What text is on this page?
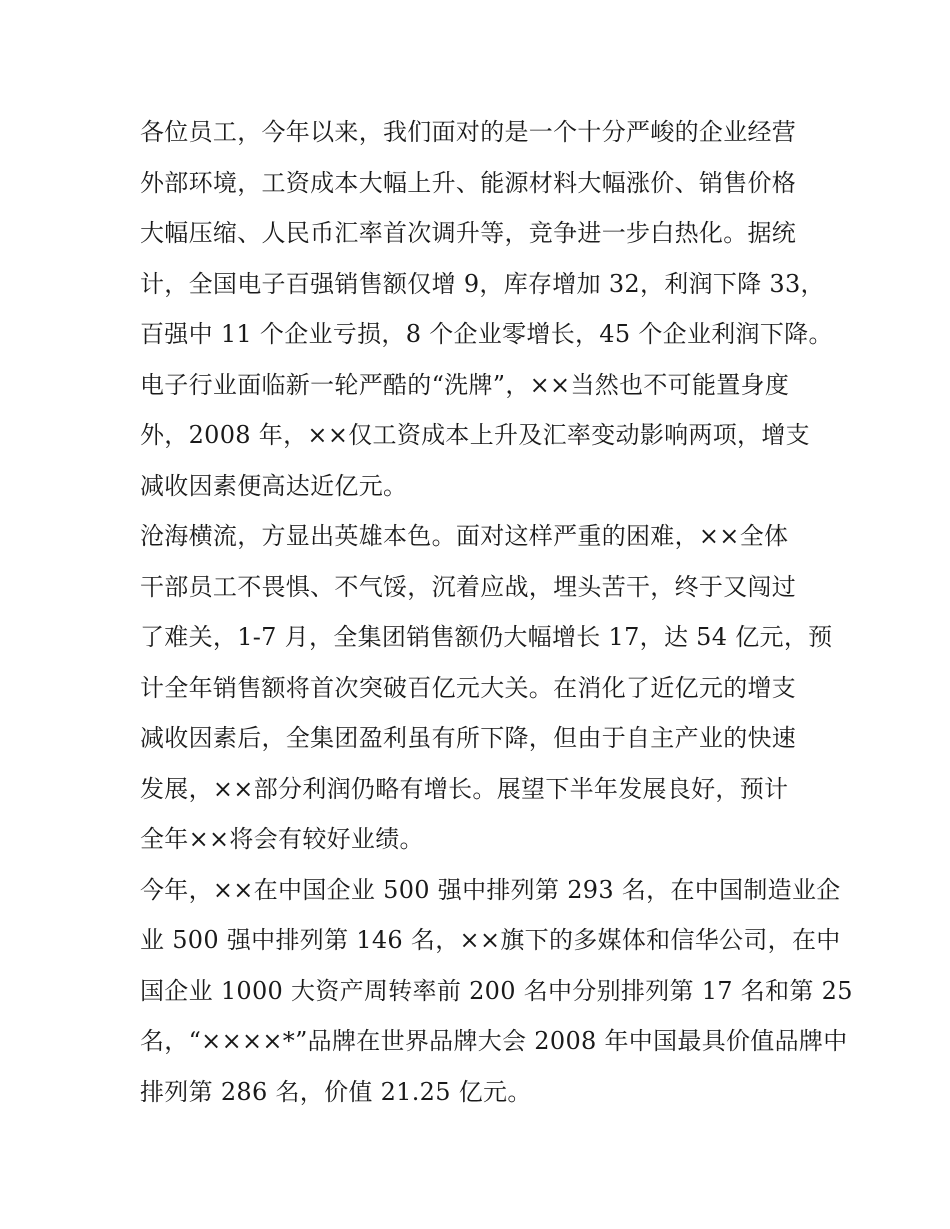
各位员工，今年以来，我们面对的是一个十分严峻的企业经营
外部环境，工资成本大幅上升、能源材料大幅涨价、销售价格
大幅压缩、人民币汇率首次调升等，竞争进一步白热化。据统
计，全国电子百强销售额仅增 9，库存增加 32，利润下降 33，
百强中 11 个企业亏损，8 个企业零增长，45 个企业利润下降。
电子行业面临新一轮严酷的“洗牌”，××当然也不可能置身度
外，2008 年，××仅工资成本上升及汇率变动影响两项，增支
减收因素便高达近亿元。
沧海横流，方显出英雄本色。面对这样严重的困难，××全体
干部员工不畏惧、不气馁，沉着应战，埋头苦干，终于又闯过
了难关，1-7 月，全集团销售额仍大幅增长 17，达 54 亿元，预
计全年销售额将首次突破百亿元大关。在消化了近亿元的增支
减收因素后，全集团盈利虽有所下降，但由于自主产业的快速
发展，××部分利润仍略有增长。展望下半年发展良好，预计
全年××将会有较好业绩。
今年，××在中国企业 500 强中排列第 293 名，在中国制造业企
业 500 强中排列第 146 名，××旗下的多媒体和信华公司，在中
国企业 1000 大资产周转率前 200 名中分别排列第 17 名和第 25
名，“××××*”品牌在世界品牌大会 2008 年中国最具价值品牌中
排列第 286 名，价值 21.25 亿元。
